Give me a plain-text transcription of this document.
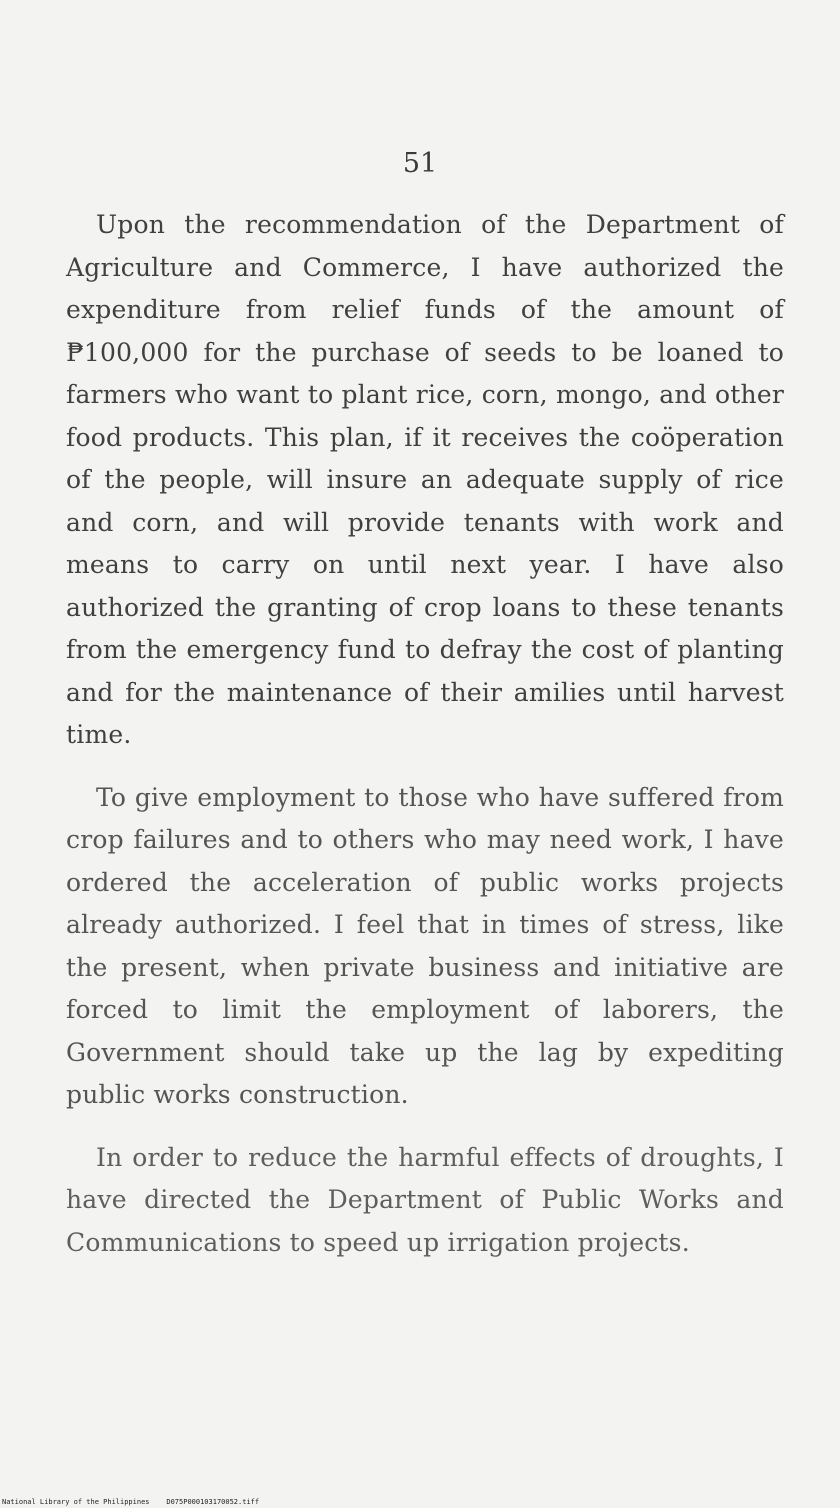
51

Upon the recommendation of the Department of Agriculture and Commerce, I have authorized the expenditure from relief funds of the amount of ₱100,000 for the purchase of seeds to be loaned to farmers who want to plant rice, corn, mongo, and other food products. This plan, if it receives the coöperation of the people, will insure an adequate supply of rice and corn, and will provide tenants with work and means to carry on until next year. I have also authorized the granting of crop loans to these tenants from the emergency fund to defray the cost of planting and for the maintenance of their amilies until harvest time.

To give employment to those who have suffered from crop failures and to others who may need work, I have ordered the acceleration of public works projects already authorized. I feel that in times of stress, like the present, when private business and initiative are forced to limit the employment of laborers, the Government should take up the lag by expediting public works construction.

In order to reduce the harmful effects of droughts, I have directed the Department of Public Works and Communications to speed up irrigation projects.

National Library of the Philippines D075P000103170052.tiff
